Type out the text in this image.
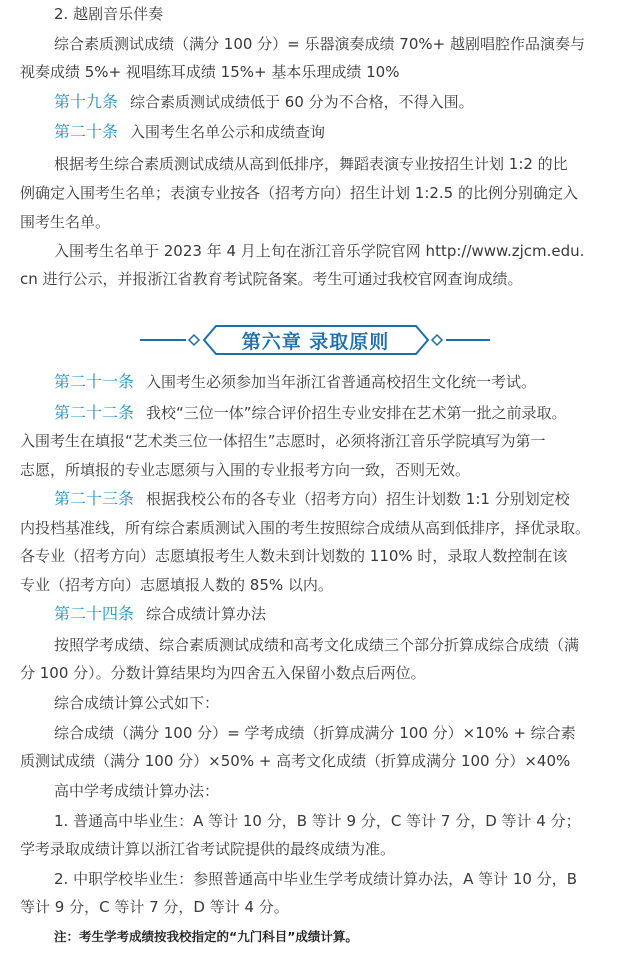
2. 越剧音乐伴奏
综合素质测试成绩（满分 100 分）= 乐器演奏成绩 70%+ 越剧唱腔作品演奏与
视奏成绩 5%+ 视唱练耳成绩 15%+ 基本乐理成绩 10%
第十九条 综合素质测试成绩低于 60 分为不合格，不得入围。
第二十条 入围考生名单公示和成绩查询
根据考生综合素质测试成绩从高到低排序，舞蹈表演专业按招生计划 1:2 的比
例确定入围考生名单；表演专业按各（招考方向）招生计划 1:2.5 的比例分别确定入
围考生名单。
入围考生名单于 2023 年 4 月上旬在浙江音乐学院官网 http://www.zjcm.edu.
cn 进行公示，并报浙江省教育考试院备案。考生可通过我校官网查询成绩。
第六章 录取原则
第二十一条 入围考生必须参加当年浙江省普通高校招生文化统一考试。
第二十二条 我校“三位一体”综合评价招生专业安排在艺术第一批之前录取。
入围考生在填报“艺术类三位一体招生”志愿时，必须将浙江音乐学院填写为第一
志愿，所填报的专业志愿须与入围的专业报考方向一致，否则无效。
第二十三条 根据我校公布的各专业（招考方向）招生计划数 1:1 分别划定校
内投档基准线，所有综合素质测试入围的考生按照综合成绩从高到低排序，择优录取。
各专业（招考方向）志愿填报考生人数未到计划数的 110% 时，录取人数控制在该
专业（招考方向）志愿填报人数的 85% 以内。
第二十四条 综合成绩计算办法
按照学考成绩、综合素质测试成绩和高考文化成绩三个部分折算成综合成绩（满
分 100 分）。分数计算结果均为四舍五入保留小数点后两位。
综合成绩计算公式如下：
综合成绩（满分 100 分）= 学考成绩（折算成满分 100 分）×10% + 综合素
质测试成绩（满分 100 分）×50% + 高考文化成绩（折算成满分 100 分）×40%
高中学考成绩计算办法：
1. 普通高中毕业生：A 等计 10 分，B 等计 9 分，C 等计 7 分，D 等计 4 分；
学考录取成绩计算以浙江省考试院提供的最终成绩为准。
2. 中职学校毕业生：参照普通高中毕业生学考成绩计算办法，A 等计 10 分，B
等计 9 分，C 等计 7 分，D 等计 4 分。
注：考生学考成绩按我校指定的“九门科目”成绩计算。
